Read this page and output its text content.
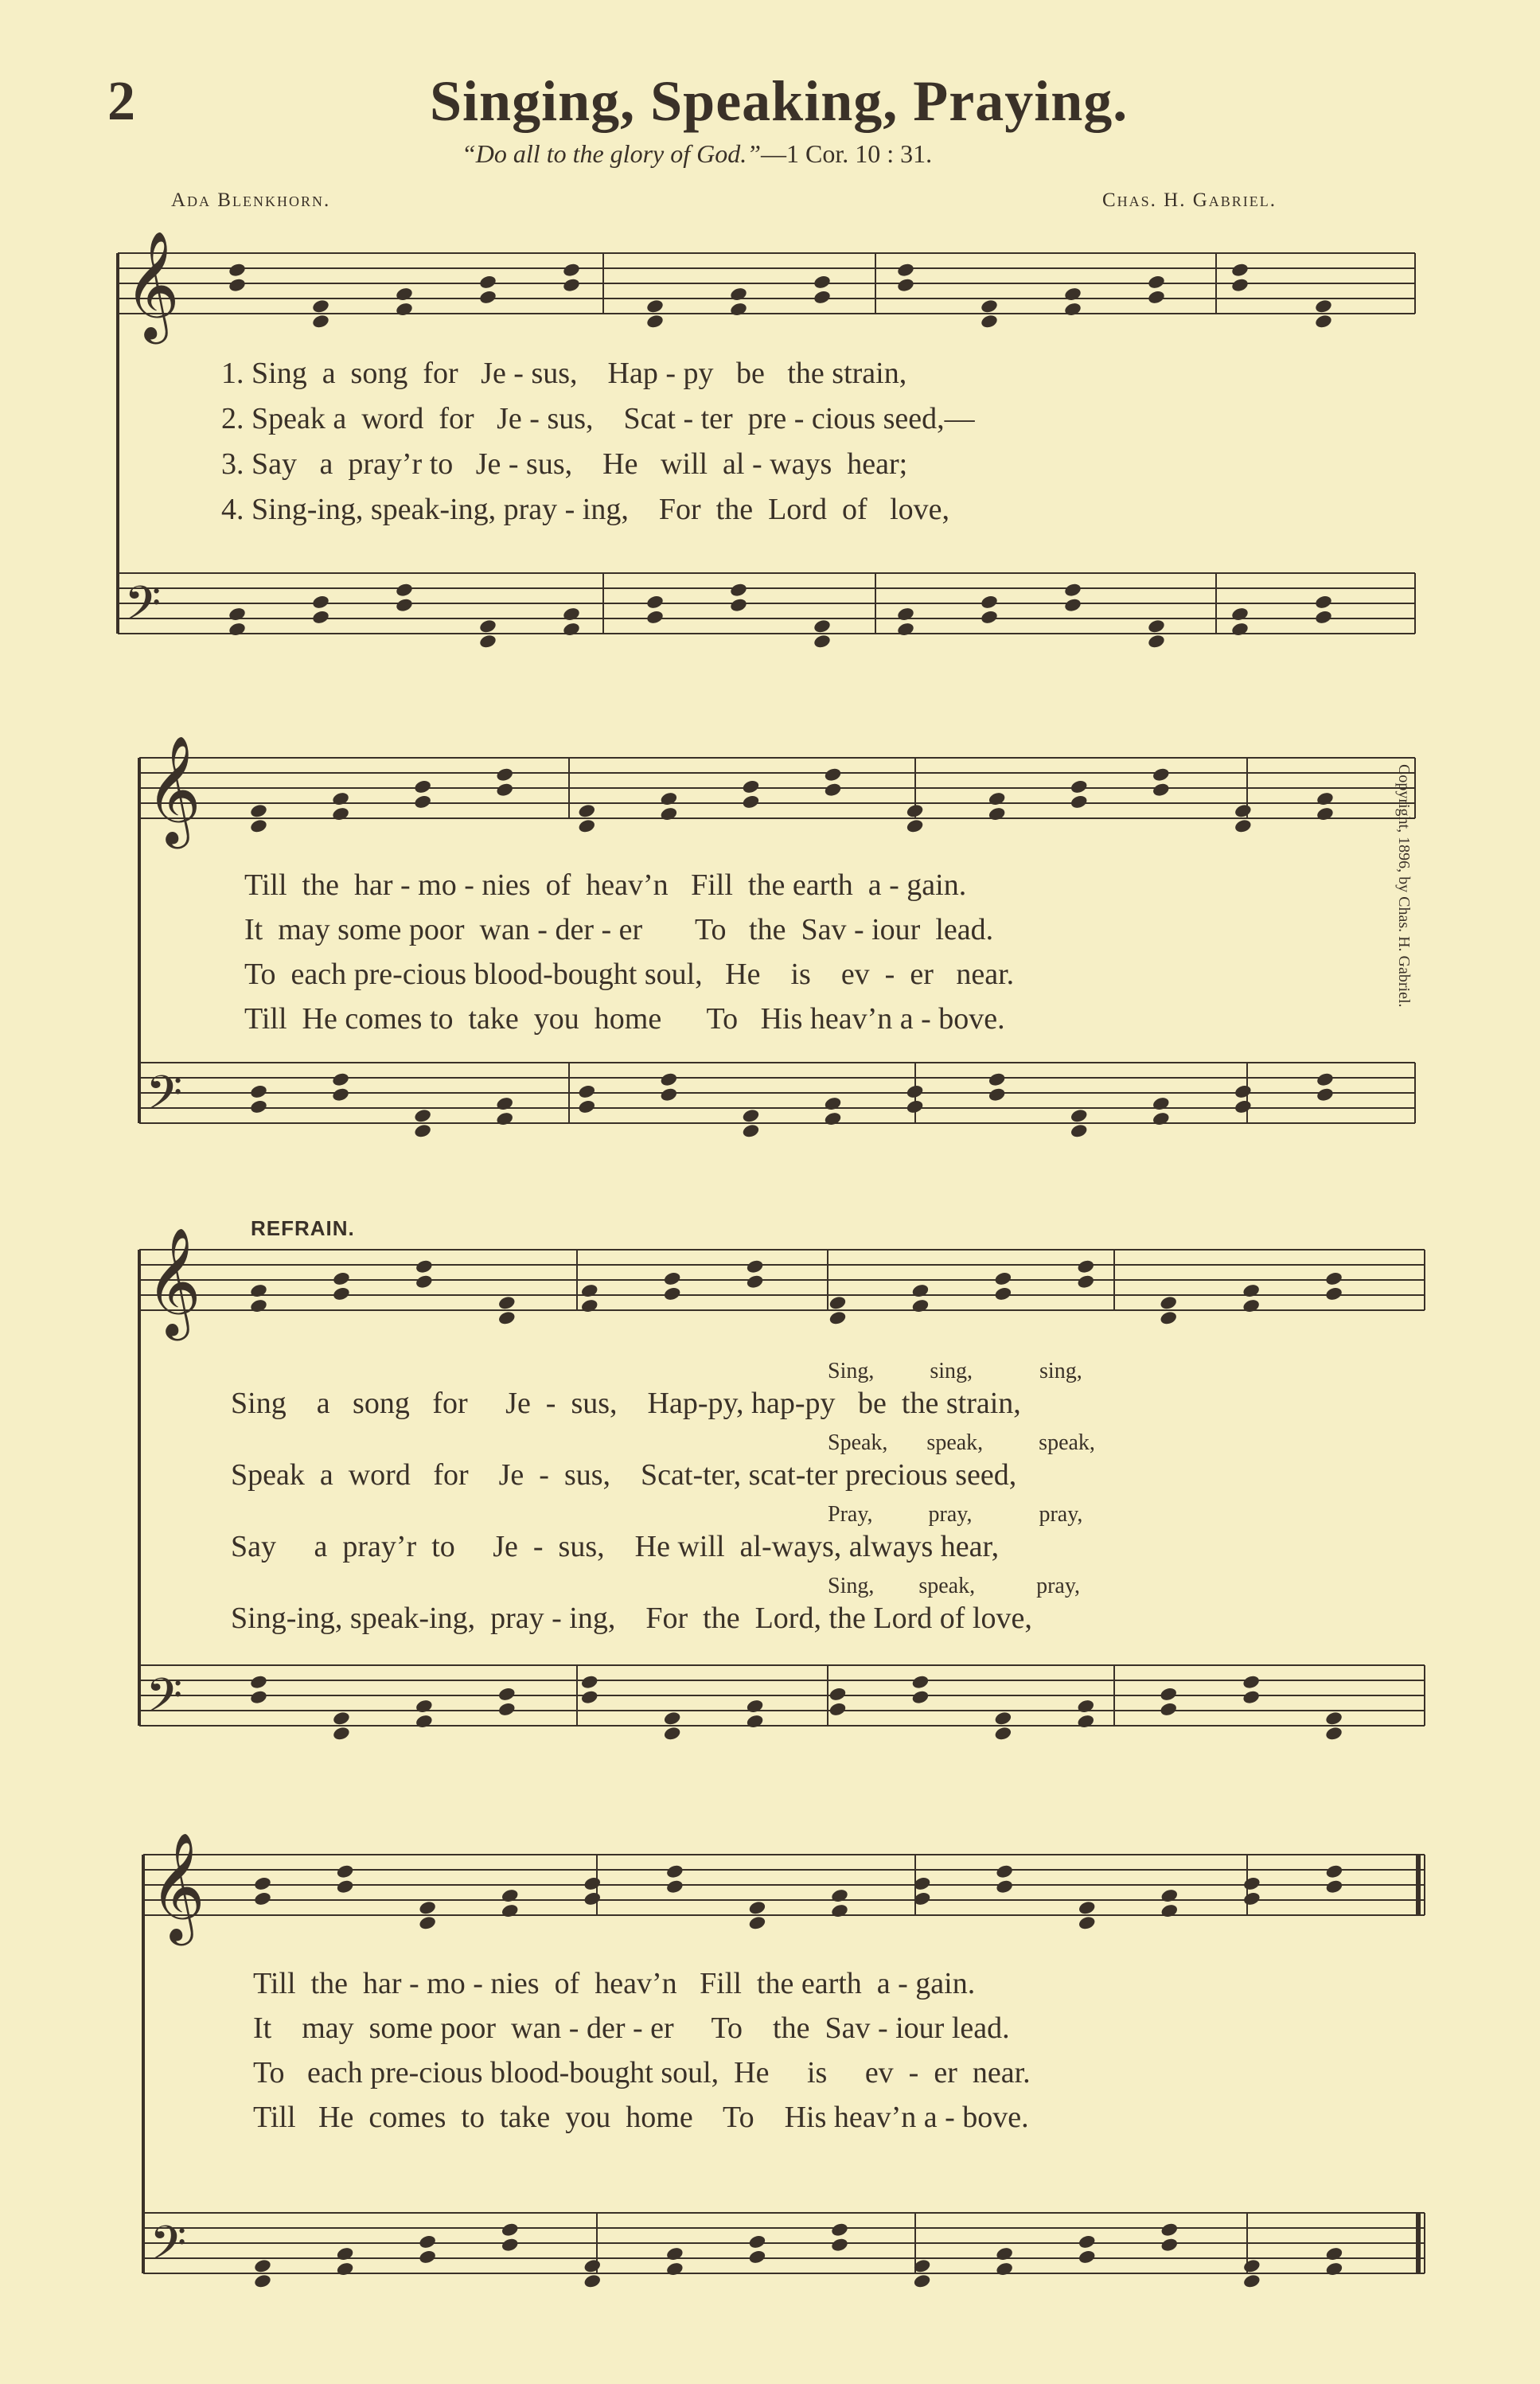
2	Singing, Speaking, Praying.
“Do all to the glory of God.”—1 Cor. 10 : 31.
Ada Blenkhorn.	Chas. H. Gabriel.
Copyright, 1896, by Chas. H. Gabriel.
REFRAIN.
𝄞
𝄢
𝄞
𝄢
𝄞
𝄢
𝄞
𝄢
1. Sing  a  song  for   Je - sus,    Hap - py   be   the strain,
2. Speak a  word  for   Je - sus,    Scat - ter  pre - cious seed,—
3. Say   a  pray’r to   Je - sus,    He   will  al - ways  hear;
4. Sing-ing, speak-ing, pray - ing,    For  the  Lord  of   love,
Till  the  har - mo - nies  of  heav’n   Fill  the earth  a - gain.
It  may some poor  wan - der - er       To   the  Sav - iour  lead.
To  each pre-cious blood-bought soul,   He    is    ev  -  er   near.
Till  He comes to  take  you  home      To   His heav’n a - bove.
Sing,          sing,            sing,
Speak,       speak,          speak,
Pray,          pray,            pray,
Sing,        speak,           pray,
Sing    a   song   for     Je  -  sus,    Hap-py, hap-py   be  the strain,
Speak  a  word   for    Je  -  sus,    Scat-ter, scat-ter precious seed,
Say     a  pray’r  to     Je  -  sus,    He will  al-ways, always hear,
Sing-ing, speak-ing,  pray - ing,    For  the  Lord, the Lord of love,
Till  the  har - mo - nies  of  heav’n   Fill  the earth  a - gain.
It    may  some poor  wan - der - er     To    the  Sav - iour lead.
To   each pre-cious blood-bought soul,  He     is     ev  -  er  near.
Till   He  comes  to  take  you  home    To    His heav’n a - bove.
